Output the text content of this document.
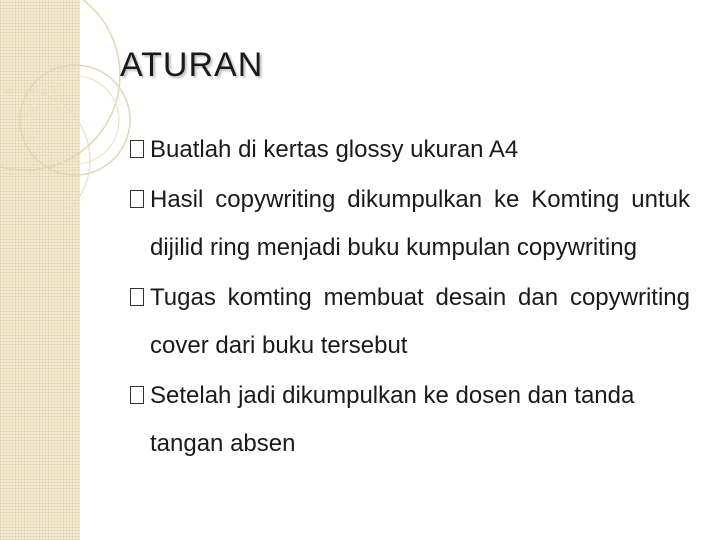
ATURAN
Buatlah di kertas glossy ukuran A4
Hasil copywriting dikumpulkan ke Komting untuk dijilid ring menjadi buku kumpulan copywriting
Tugas komting membuat desain dan copywriting cover dari buku tersebut
Setelah jadi dikumpulkan ke dosen dan tanda tangan absen
